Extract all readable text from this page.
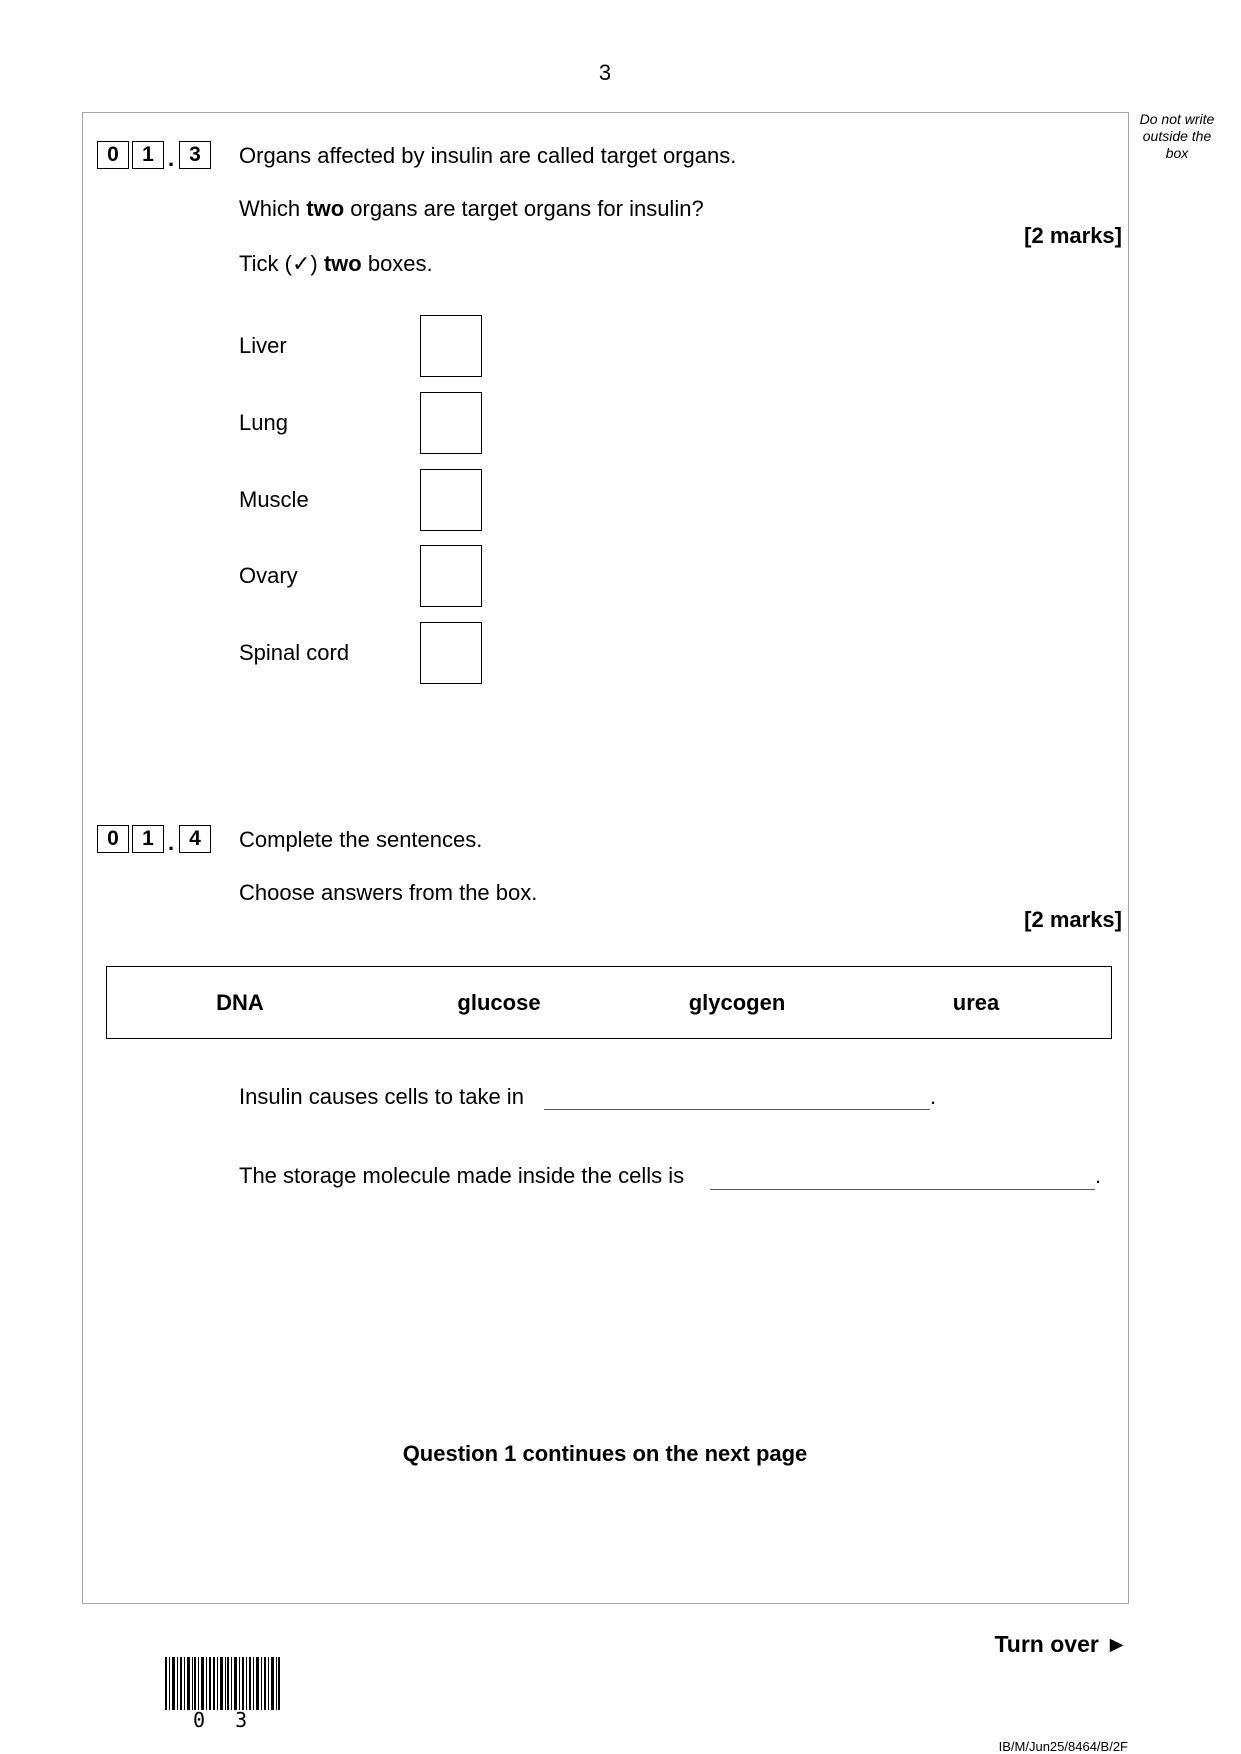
3
Do not write outside the box
0	1 . 3	Organs affected by insulin are called target organs.
Which two organs are target organs for insulin?
[2 marks]
Tick (✓) two boxes.
Liver
Lung
Muscle
Ovary
Spinal cord
0	1 . 4	Complete the sentences.
Choose answers from the box.
[2 marks]
DNA	glucose	glycogen	urea
Insulin causes cells to take in	.
The storage molecule made inside the cells is	.
Question 1 continues on the next page
Turn over ►
0 3
IB/M/Jun25/8464/B/2F
